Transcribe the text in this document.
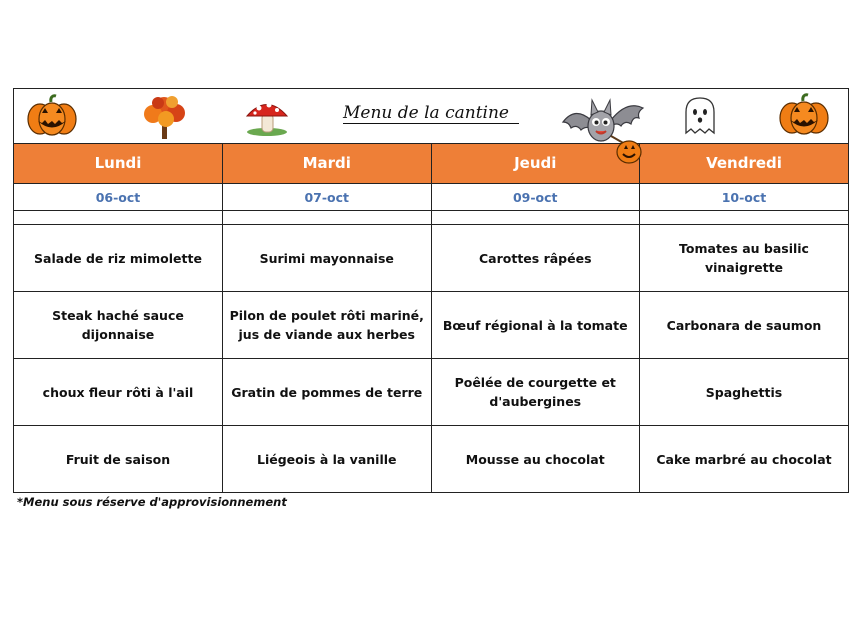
Menu de la cantine
Lundi	Mardi	Jeudi	Vendredi
06-oct	07-oct	09-oct	10-oct

Salade de riz mimolette	Surimi mayonnaise	Carottes râpées	Tomates au basilic vinaigrette
Steak haché sauce dijonnaise	Pilon de poulet rôti mariné, jus de viande aux herbes	Bœuf régional à la tomate	Carbonara de saumon
choux fleur rôti à l'ail	Gratin de pommes de terre	Poêlée de courgette et d'aubergines	Spaghettis
Fruit de saison	Liégeois à la vanille	Mousse au chocolat	Cake marbré au chocolat
*Menu sous réserve d'approvisionnement
